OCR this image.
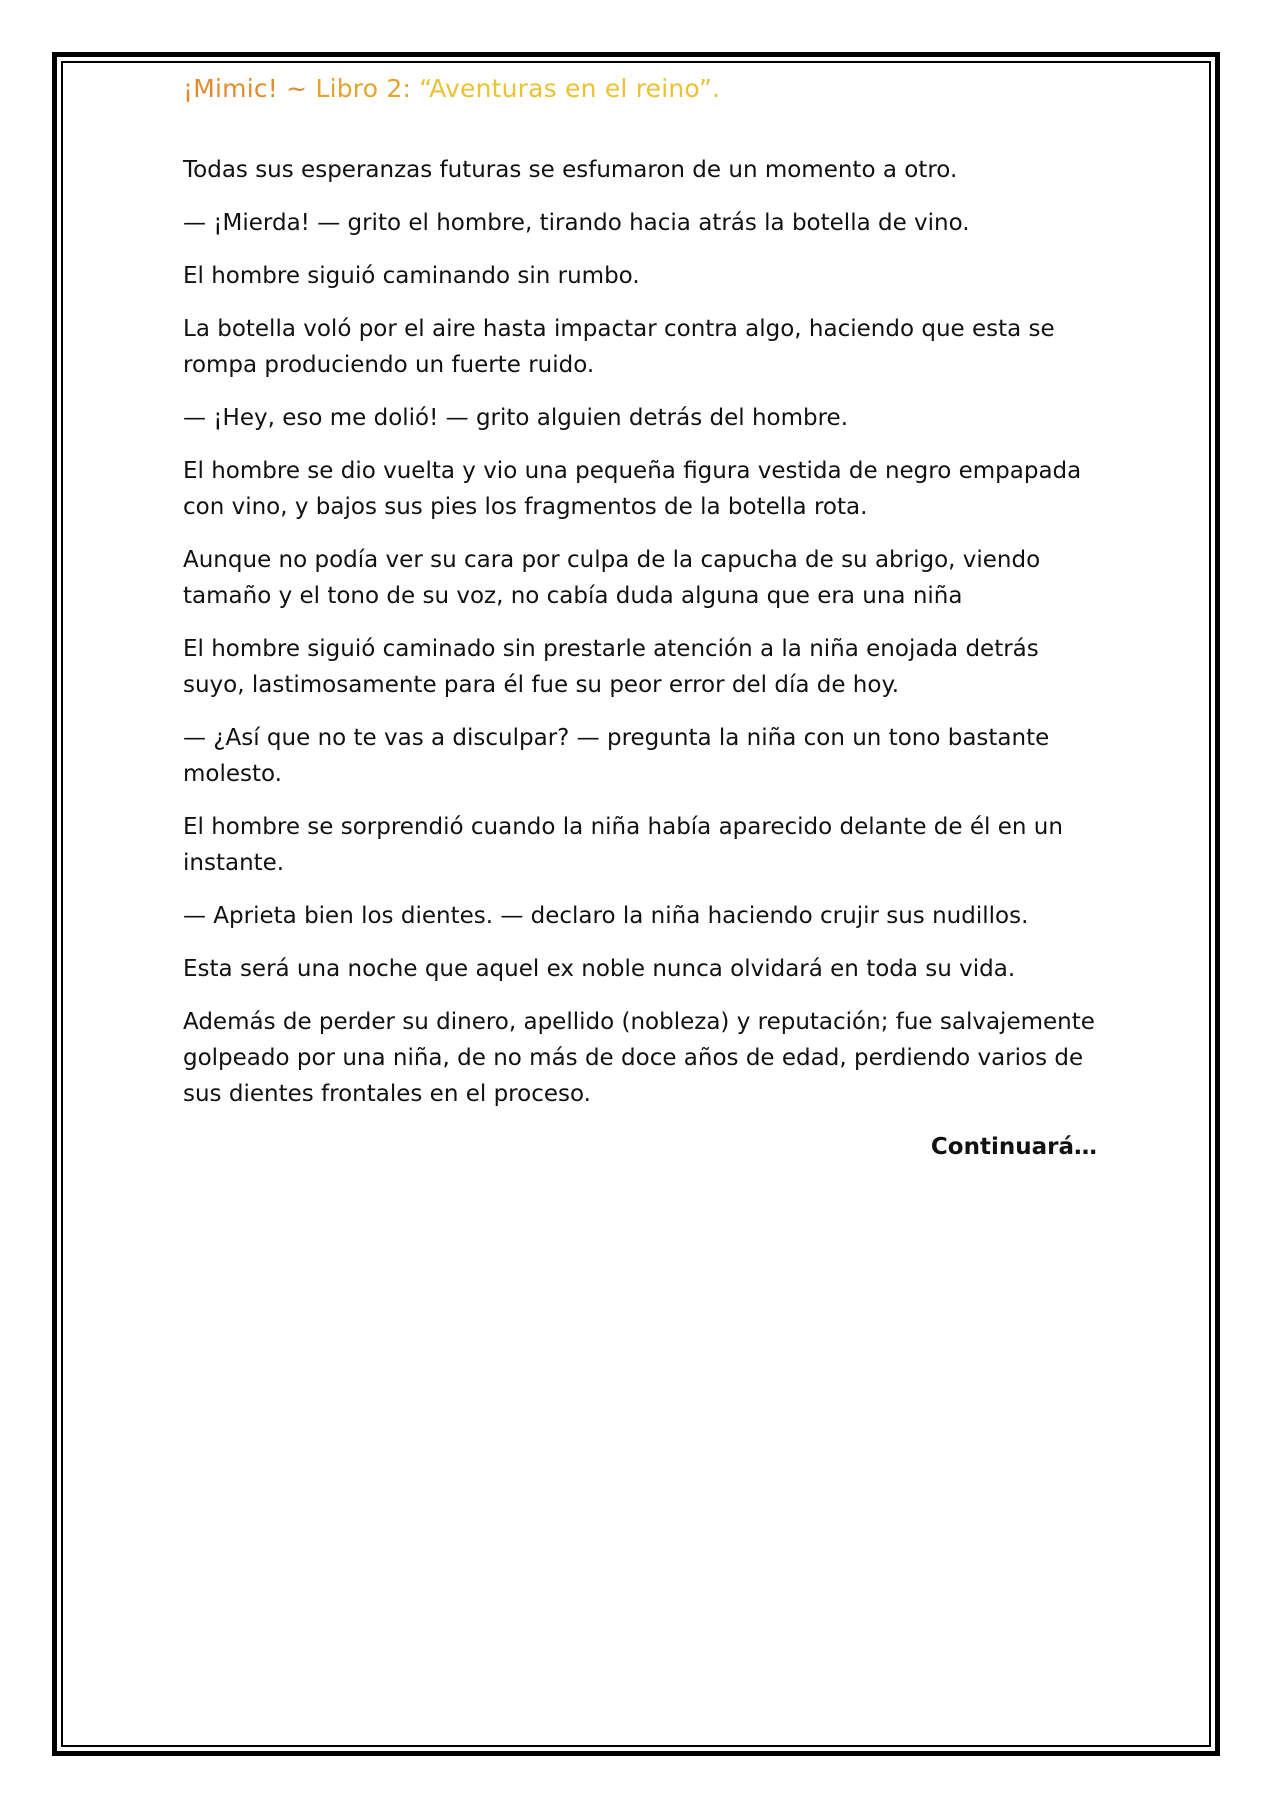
¡Mimic! ~ Libro 2: “Aventuras en el reino”.

Todas sus esperanzas futuras se esfumaron de un momento a otro.

— ¡Mierda! — grito el hombre, tirando hacia atrás la botella de vino.

El hombre siguió caminando sin rumbo.

La botella voló por el aire hasta impactar contra algo, haciendo que esta se rompa produciendo un fuerte ruido.

— ¡Hey, eso me dolió! — grito alguien detrás del hombre.

El hombre se dio vuelta y vio una pequeña figura vestida de negro empapada con vino, y bajos sus pies los fragmentos de la botella rota.

Aunque no podía ver su cara por culpa de la capucha de su abrigo, viendo tamaño y el tono de su voz, no cabía duda alguna que era una niña

El hombre siguió caminado sin prestarle atención a la niña enojada detrás suyo, lastimosamente para él fue su peor error del día de hoy.

— ¿Así que no te vas a disculpar? — pregunta la niña con un tono bastante molesto.

El hombre se sorprendió cuando la niña había aparecido delante de él en un instante.

— Aprieta bien los dientes. — declaro la niña haciendo crujir sus nudillos.

Esta será una noche que aquel ex noble nunca olvidará en toda su vida.

Además de perder su dinero, apellido (nobleza) y reputación; fue salvajemente golpeado por una niña, de no más de doce años de edad, perdiendo varios de sus dientes frontales en el proceso.

Continuará…
